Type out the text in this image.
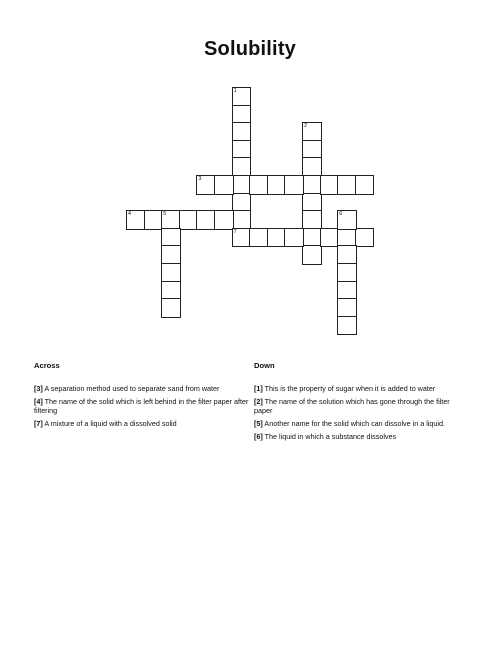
Solubility
1
2
3
4	5
7
6
Across
[3] A separation method used to separate sand from water
[4] The name of the solid which is left behind in the filter paper after filtering
[7] A mixture of a liquid with a dissolved solid
Down
[1] This is the property of sugar when it is added to water
[2] The name of the solution which has gone through the filter paper
[5] Another name for the solid which can dissolve in a liquid.
[6] The liquid in which a substance dissolves
